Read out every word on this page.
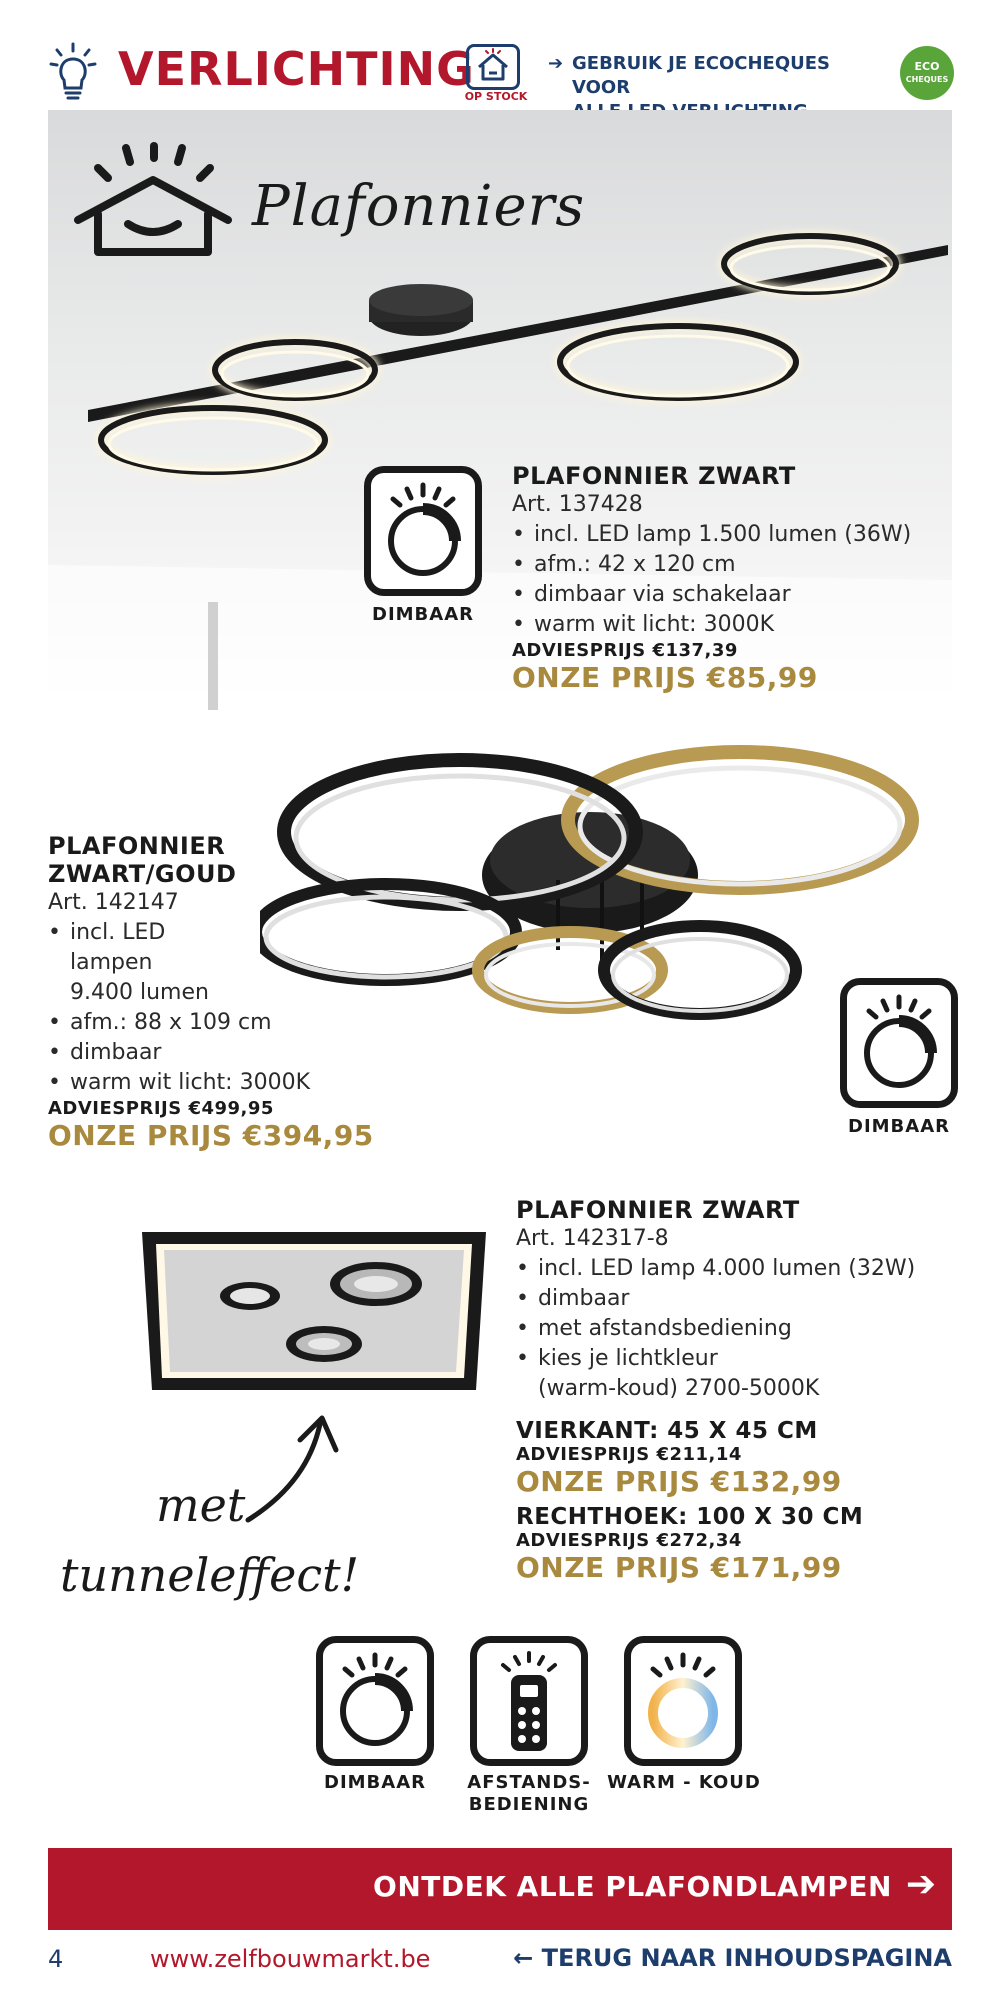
VERLICHTING
OP STOCK
➔ GEBRUIK JE ECOCHEQUES VOOR
ECO
CHEQUES
Plafonniers
DIMBAAR
PLAFONNIER ZWART
Art. 137428
• incl. LED lamp 1.500 lumen (36W)
• afm.: 42 x 120 cm
• dimbaar via schakelaar
• warm wit licht: 3000K
ADVIESPRIJS €137,39
ONZE PRIJS €85,99
PLAFONNIER
ZWART/GOUD
Art. 142147
• incl. LED
lampen
9.400 lumen
• afm.: 88 x 109 cm
• dimbaar
• warm wit licht: 3000K
ADVIESPRIJS €499,95
ONZE PRIJS €394,95	DIMBAAR
met
tunneleffect!
PLAFONNIER ZWART
Art. 142317-8
• incl. LED lamp 4.000 lumen (32W)
• dimbaar
• met afstandsbediening
• kies je lichtkleur
(warm-koud) 2700-5000K
VIERKANT: 45 X 45 CM
ADVIESPRIJS €211,14
ONZE PRIJS €132,99
RECHTHOEK: 100 X 30 CM
ADVIESPRIJS €272,34
ONZE PRIJS €171,99
DIMBAAR	AFSTANDS-
BEDIENING
WARM - KOUD
ONTDEK ALLE PLAFONDLAMPEN ➔
4	www.zelfbouwmarkt.be	← TERUG NAAR INHOUDSPAGINA
